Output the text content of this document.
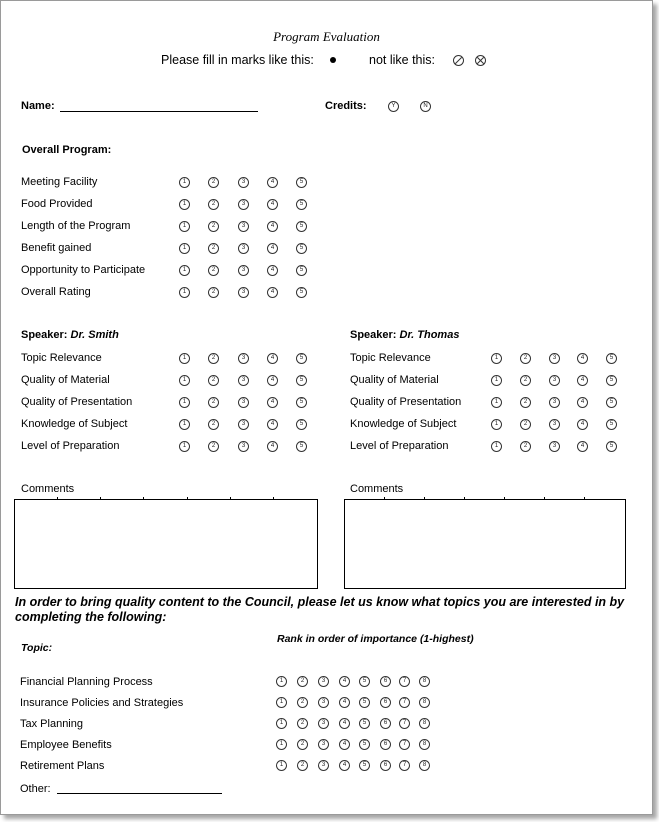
Program Evaluation
Please fill in marks like this:	not like this:
Name:	Credits:	Y	N
Overall Program:
Meeting Facility	1	2	3	4	5
Food Provided	1	2	3	4	5
Length of the Program	1	2	3	4	5
Benefit gained	1	2	3	4	5
Opportunity to Participate	1	2	3	4	5
Overall Rating	1	2	3	4	5
Speaker: Dr. Smith
Topic Relevance	1	2	3	4	5
Quality of Material	1	2	3	4	5
Quality of Presentation	1	2	3	4	5
Knowledge of Subject	1	2	3	4	5
Level of Preparation	1	2	3	4	5
Comments
Speaker: Dr. Thomas
Topic Relevance	1	2	3	4	5
Quality of Material	1	2	3	4	5
Quality of Presentation	1	2	3	4	5
Knowledge of Subject	1	2	3	4	5
Level of Preparation	1	2	3	4	5
Comments
In order to bring quality content to the Council, please let us know what topics you are interested in by completing the following:
Topic:
Rank in order of importance (1-highest)
Financial Planning Process	1	2	3	4	5	6	7	8
Insurance Policies and Strategies	1	2	3	4	5	6	7	8
Tax Planning	1	2	3	4	5	6	7	8
Employee Benefits	1	2	3	4	5	6	7	8
Retirement Plans	1	2	3	4	5	6	7	8
Other:
